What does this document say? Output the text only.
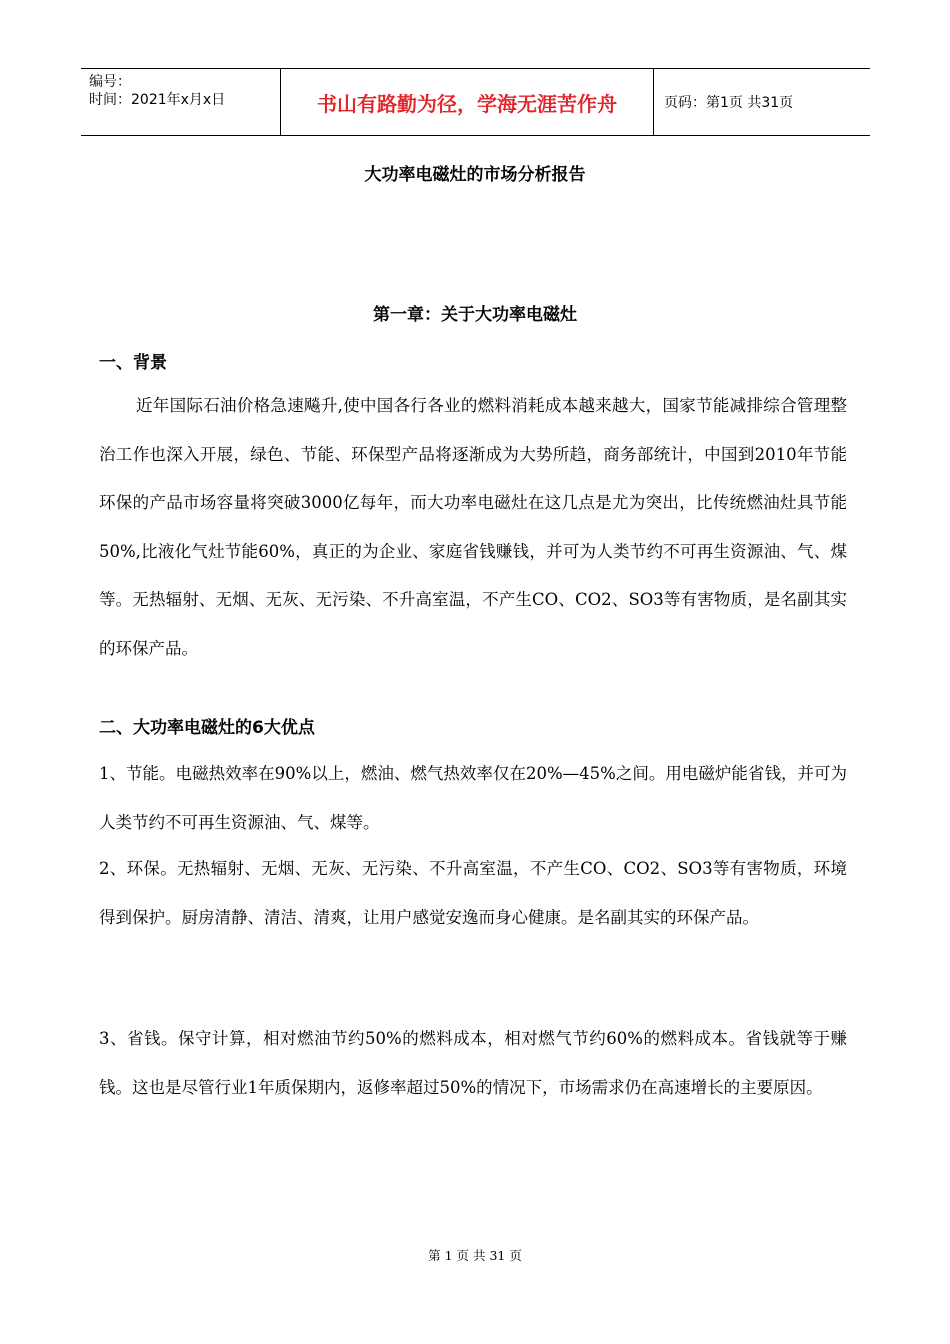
编号：
时间：2021年x月x日	书山有路勤为径，学海无涯苦作舟	页码：第1页 共31页
大功率电磁灶的市场分析报告
第一章：关于大功率电磁灶
一、背景

近年国际石油价格急速飚升,使中国各行各业的燃料消耗成本越来越大，国家节能减排综合管理整治工作也深入开展，绿色、节能、环保型产品将逐渐成为大势所趋，商务部统计，中国到2010年节能环保的产品市场容量将突破3000亿每年，而大功率电磁灶在这几点是尤为突出，比传统燃油灶具节能50%,比液化气灶节能60%，真正的为企业、家庭省钱赚钱，并可为人类节约不可再生资源油、气、煤等。无热辐射、无烟、无灰、无污染、不升高室温，不产生CO、CO2、SO3等有害物质，是名副其实的环保产品。

二、大功率电磁灶的6大优点

1、节能。电磁热效率在90%以上，燃油、燃气热效率仅在20%—45%之间。用电磁炉能省钱，并可为人类节约不可再生资源油、气、煤等。

2、环保。无热辐射、无烟、无灰、无污染、不升高室温，不产生CO、CO2、SO3等有害物质，环境得到保护。厨房清静、清洁、清爽，让用户感觉安逸而身心健康。是名副其实的环保产品。

3、省钱。保守计算，相对燃油节约50%的燃料成本，相对燃气节约60%的燃料成本。省钱就等于赚钱。这也是尽管行业1年质保期内，返修率超过50%的情况下，市场需求仍在高速增长的主要原因。

第 1 页 共 31 页
